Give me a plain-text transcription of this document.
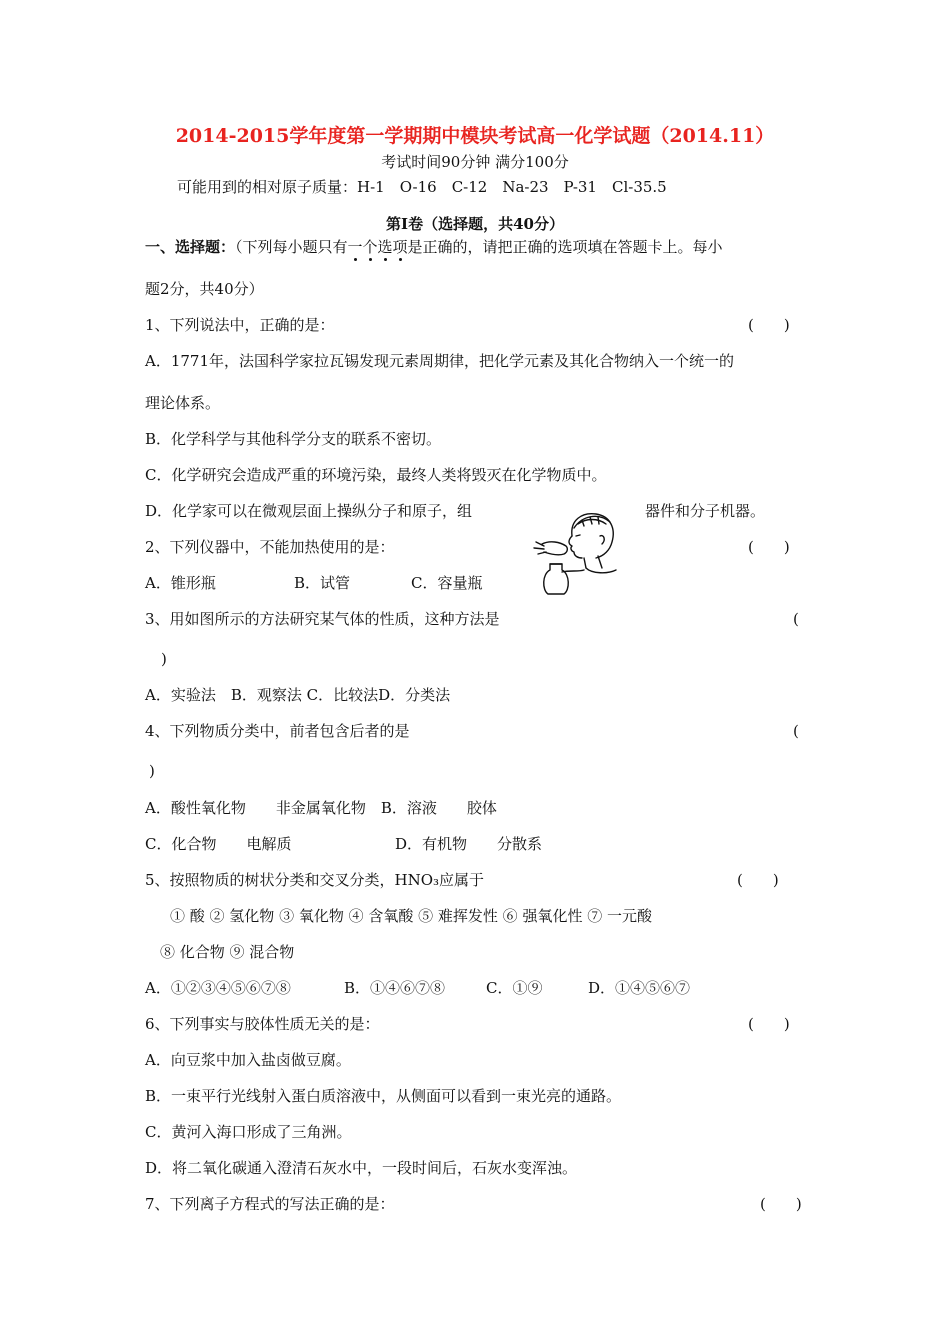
2014-2015学年度第一学期期中模块考试高一化学试题（2014.11）
考试时间90分钟 满分100分
可能用到的相对原子质量：H-1　O-16　C-12　Na-23　P-31　Cl-35.5
第Ⅰ卷（选择题，共40分）
一、选择题：（下列每小题只有一个选项
是正确的，请把正确的选项填在答题卡上。每小
题2分，共40分）
1、下列说法中，正确的是：	(　　)
A．1771年，法国科学家拉瓦锡发现元素周期律，把化学元素及其化合物纳入一个统一的
理论体系。
B．化学科学与其他科学分支的联系不密切。
C．化学研究会造成严重的环境污染，最终人类将毁灭在化学物质中。
D．化学家可以在微观层面上操纵分子和原子，组	器件和分子机器。
2、下列仪器中，不能加热使用的是：	(　　)
A．锥形瓶	B．试管	C．容量瓶
3、用如图所示的方法研究某气体的性质，这种方法是	(
)
A．实验法　B．观察法 C．比较法D．分类法
4、下列物质分类中，前者包含后者的是	(
)
A．酸性氧化物　　非金属氧化物　B．溶液　　胶体
C．化合物　　电解质	D．有机物　　分散系
5、按照物质的树状分类和交叉分类，HNO₃应属于	(　　)
① 酸 ② 氢化物 ③ 氧化物 ④ 含氧酸 ⑤ 难挥发性 ⑥ 强氧化性 ⑦ 一元酸
⑧ 化合物 ⑨ 混合物
A．①②③④⑤⑥⑦⑧	B．①④⑥⑦⑧	C．①⑨	D．①④⑤⑥⑦
6、下列事实与胶体性质无关的是：	(　　)
A．向豆浆中加入盐卤做豆腐。
B．一束平行光线射入蛋白质溶液中，从侧面可以看到一束光亮的通路。
C．黄河入海口形成了三角洲。
D．将二氧化碳通入澄清石灰水中，一段时间后，石灰水变浑浊。
7、下列离子方程式的写法正确的是：	(　　)
